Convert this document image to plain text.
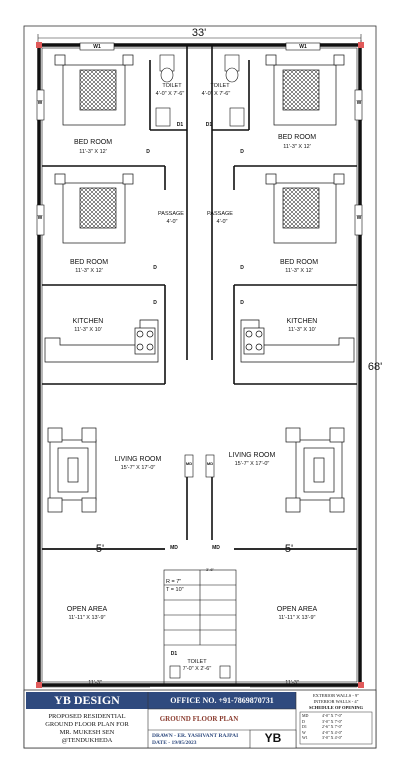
33'
68'
11'-3"	11'-3"
5'	5'
W1	W1
W	W
W	W
BED ROOM
11'-3" X 12'
BED ROOM
11'-3" X 12'
TOILET
4'-0" X 7'-6"
TOILET
4'-0" X 7'-6"
D1	D1
D	D
PASSAGE
4'-0"
PASSAGE
4'-0"
BED ROOM
11'-3" X 12'
BED ROOM
11'-3" X 12'
D	D
D	D
KITCHEN
11'-3" X 10'
KITCHEN
11'-3" X 10'
LIVING ROOM
15'-7" X 17'-0"
LIVING ROOM
15'-7" X 17'-0"
MD	MD
MD	MD
3'-6"
R = 7"
T = 10"
OPEN AREA
11'-11" X 13'-9"
OPEN AREA
11'-11" X 13'-9"
D1
TOILET
7'-0" X 2'-6"
YB DESIGN	OFFICE NO. +91-7869870731
PROPOSED RESIDENTIAL
GROUND FLOOR PLAN FOR
MR. MUKESH SEN
@TENDUKHEDA
GROUND FLOOR PLAN
DRAWN - ER. YASHVANT RAJPAI
DATE - 19/05/2023	YB
EXTERIOR WALLS - 9"
INTERIOR WALLS - 4"
SCHEDULE OF OPENING
MD	4'-0" X 7'-0"
D	3'-0" X 7'-0"
D1	2'-6" X 7'-0"
W	4'-0" X 4'-0"
W1	3'-0" X 4'-0"
